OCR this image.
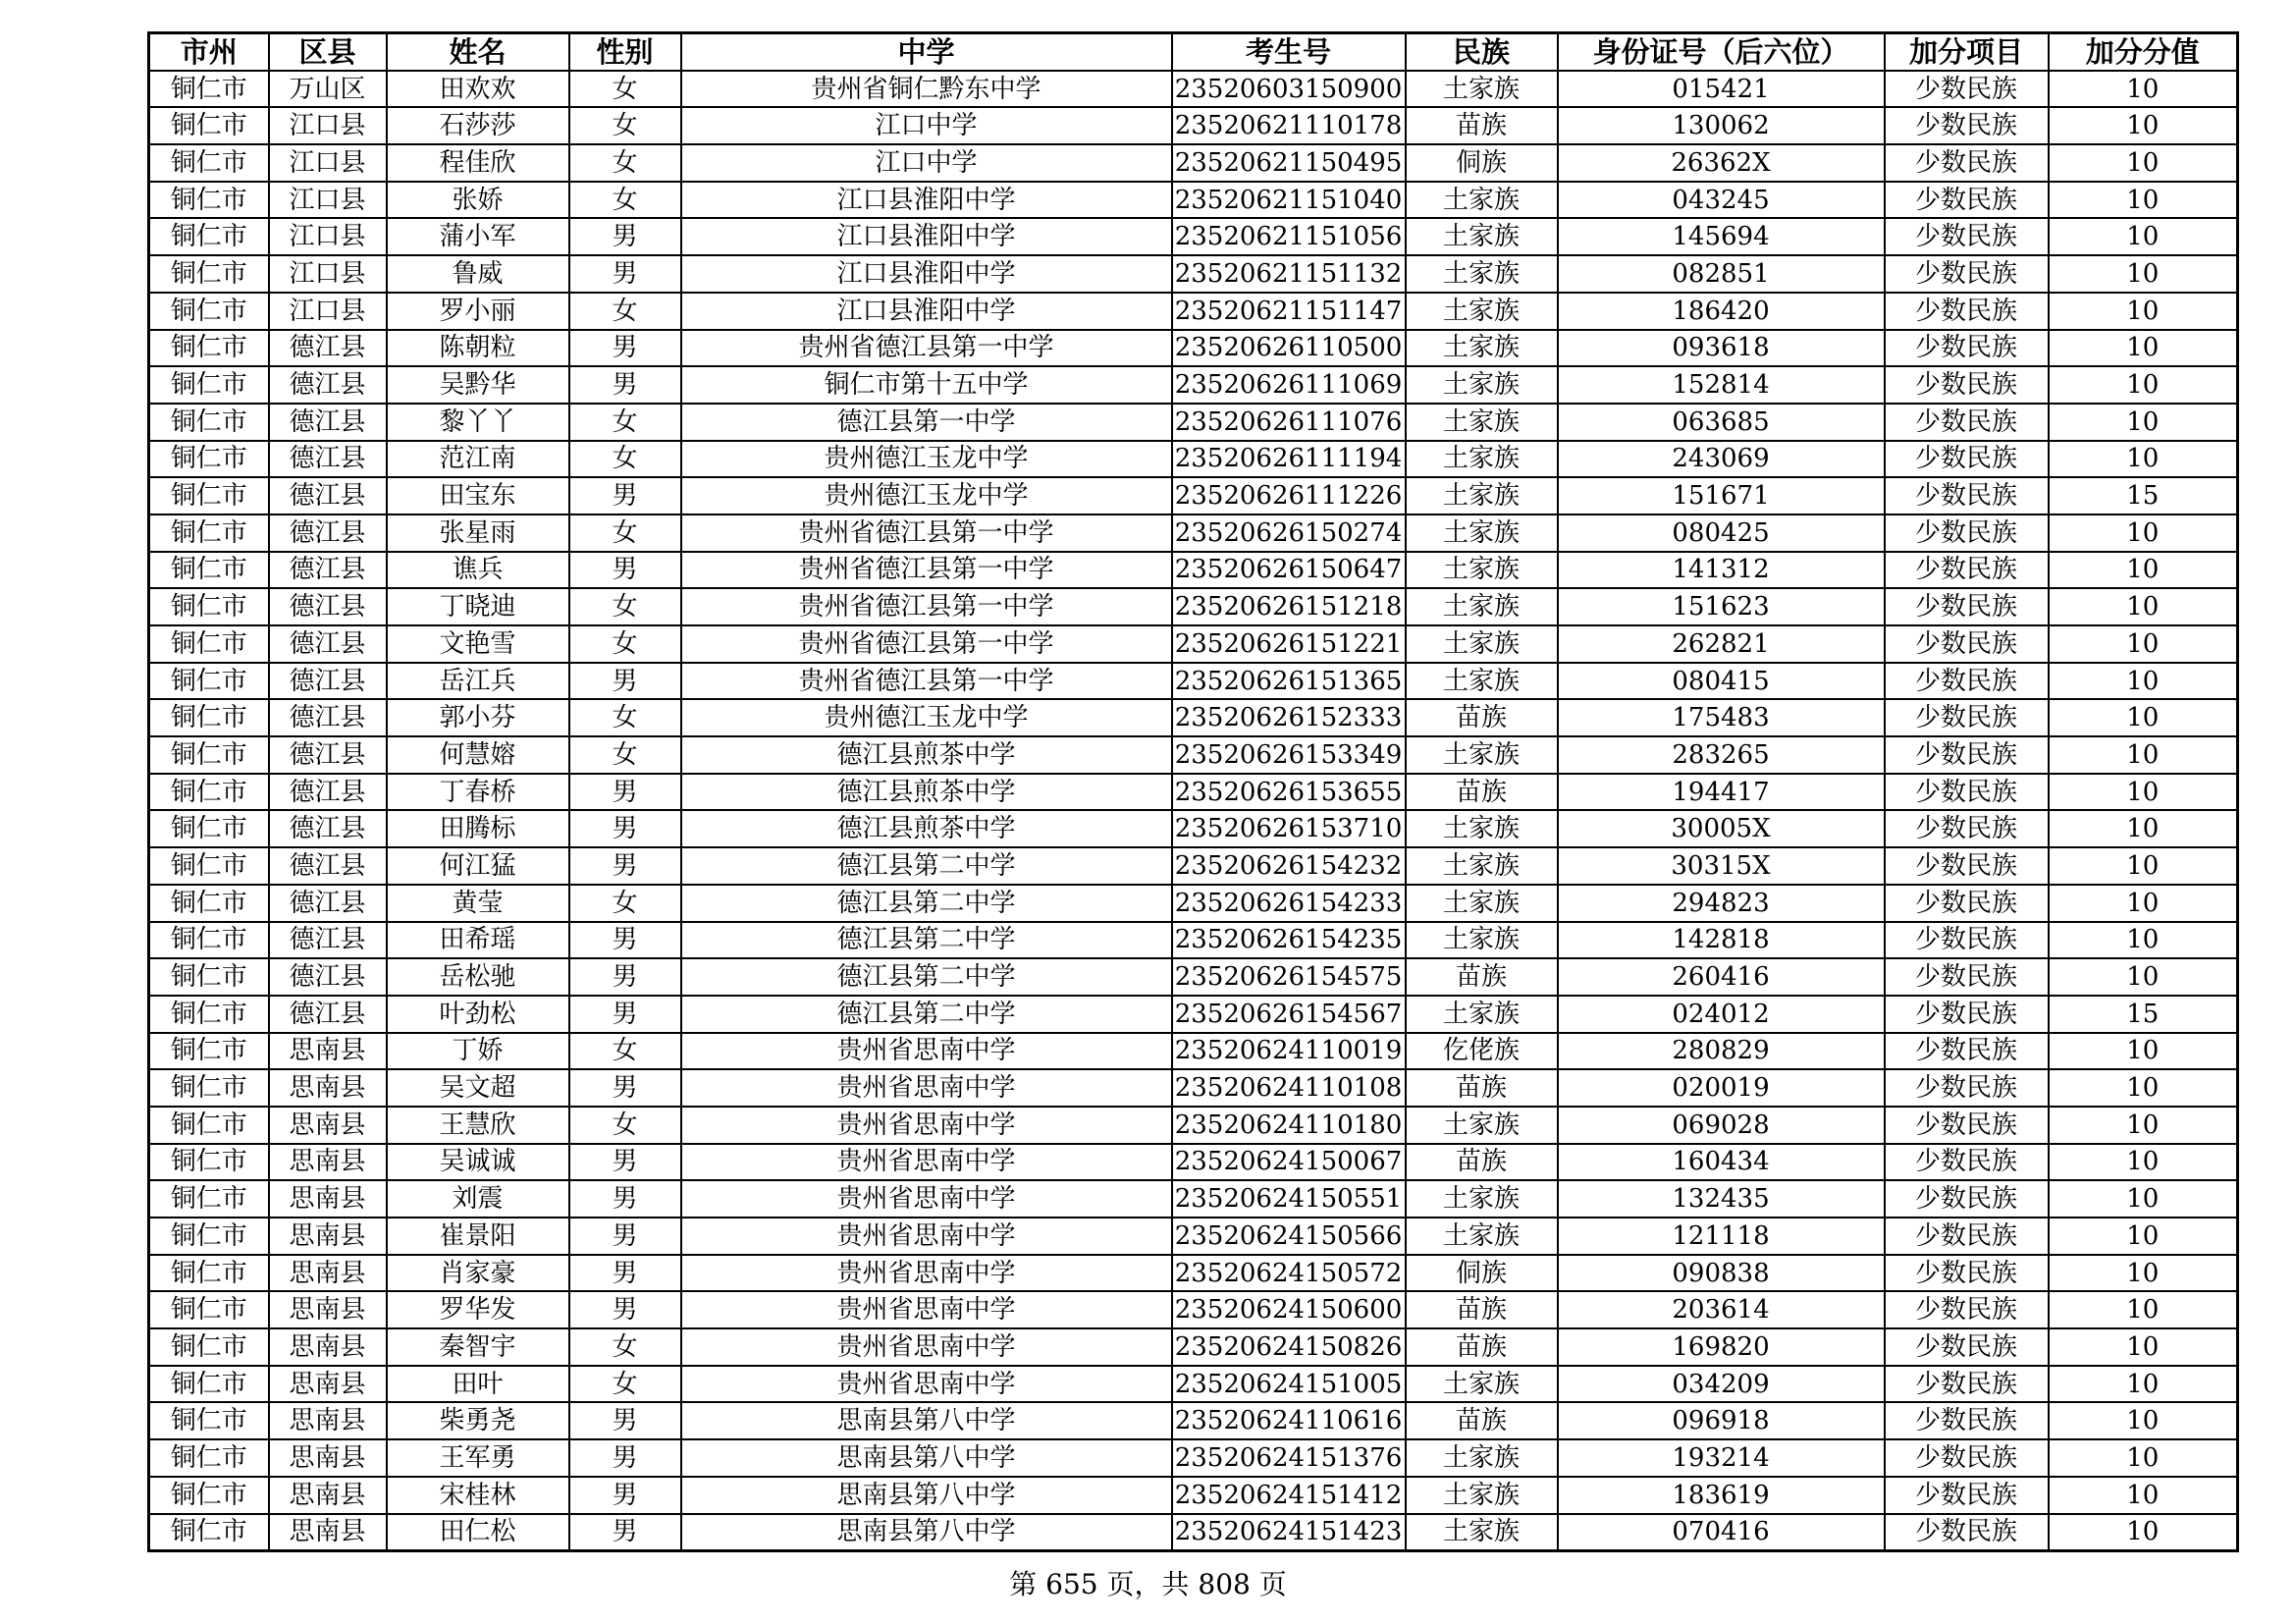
市州	区县	姓名	性别	中学	考生号	民族	身份证号（后六位）	加分项目	加分分值
铜仁市	万山区	田欢欢	女	贵州省铜仁黔东中学	23520603150900	土家族	015421	少数民族	10
铜仁市	江口县	石莎莎	女	江口中学	23520621110178	苗族	130062	少数民族	10
铜仁市	江口县	程佳欣	女	江口中学	23520621150495	侗族	26362X	少数民族	10
铜仁市	江口县	张娇	女	江口县淮阳中学	23520621151040	土家族	043245	少数民族	10
铜仁市	江口县	蒲小军	男	江口县淮阳中学	23520621151056	土家族	145694	少数民族	10
铜仁市	江口县	鲁威	男	江口县淮阳中学	23520621151132	土家族	082851	少数民族	10
铜仁市	江口县	罗小丽	女	江口县淮阳中学	23520621151147	土家族	186420	少数民族	10
铜仁市	德江县	陈朝粒	男	贵州省德江县第一中学	23520626110500	土家族	093618	少数民族	10
铜仁市	德江县	吴黔华	男	铜仁市第十五中学	23520626111069	土家族	152814	少数民族	10
铜仁市	德江县	黎丫丫	女	德江县第一中学	23520626111076	土家族	063685	少数民族	10
铜仁市	德江县	范江南	女	贵州德江玉龙中学	23520626111194	土家族	243069	少数民族	10
铜仁市	德江县	田宝东	男	贵州德江玉龙中学	23520626111226	土家族	151671	少数民族	15
铜仁市	德江县	张星雨	女	贵州省德江县第一中学	23520626150274	土家族	080425	少数民族	10
铜仁市	德江县	谯兵	男	贵州省德江县第一中学	23520626150647	土家族	141312	少数民族	10
铜仁市	德江县	丁晓迪	女	贵州省德江县第一中学	23520626151218	土家族	151623	少数民族	10
铜仁市	德江县	文艳雪	女	贵州省德江县第一中学	23520626151221	土家族	262821	少数民族	10
铜仁市	德江县	岳江兵	男	贵州省德江县第一中学	23520626151365	土家族	080415	少数民族	10
铜仁市	德江县	郭小芬	女	贵州德江玉龙中学	23520626152333	苗族	175483	少数民族	10
铜仁市	德江县	何慧嫆	女	德江县煎茶中学	23520626153349	土家族	283265	少数民族	10
铜仁市	德江县	丁春桥	男	德江县煎茶中学	23520626153655	苗族	194417	少数民族	10
铜仁市	德江县	田腾标	男	德江县煎茶中学	23520626153710	土家族	30005X	少数民族	10
铜仁市	德江县	何江猛	男	德江县第二中学	23520626154232	土家族	30315X	少数民族	10
铜仁市	德江县	黄莹	女	德江县第二中学	23520626154233	土家族	294823	少数民族	10
铜仁市	德江县	田希瑶	男	德江县第二中学	23520626154235	土家族	142818	少数民族	10
铜仁市	德江县	岳松驰	男	德江县第二中学	23520626154575	苗族	260416	少数民族	10
铜仁市	德江县	叶劲松	男	德江县第二中学	23520626154567	土家族	024012	少数民族	15
铜仁市	思南县	丁娇	女	贵州省思南中学	23520624110019	仡佬族	280829	少数民族	10
铜仁市	思南县	吴文超	男	贵州省思南中学	23520624110108	苗族	020019	少数民族	10
铜仁市	思南县	王慧欣	女	贵州省思南中学	23520624110180	土家族	069028	少数民族	10
铜仁市	思南县	吴诚诚	男	贵州省思南中学	23520624150067	苗族	160434	少数民族	10
铜仁市	思南县	刘震	男	贵州省思南中学	23520624150551	土家族	132435	少数民族	10
铜仁市	思南县	崔景阳	男	贵州省思南中学	23520624150566	土家族	121118	少数民族	10
铜仁市	思南县	肖家豪	男	贵州省思南中学	23520624150572	侗族	090838	少数民族	10
铜仁市	思南县	罗华发	男	贵州省思南中学	23520624150600	苗族	203614	少数民族	10
铜仁市	思南县	秦智宇	女	贵州省思南中学	23520624150826	苗族	169820	少数民族	10
铜仁市	思南县	田叶	女	贵州省思南中学	23520624151005	土家族	034209	少数民族	10
铜仁市	思南县	柴勇尧	男	思南县第八中学	23520624110616	苗族	096918	少数民族	10
铜仁市	思南县	王军勇	男	思南县第八中学	23520624151376	土家族	193214	少数民族	10
铜仁市	思南县	宋桂林	男	思南县第八中学	23520624151412	土家族	183619	少数民族	10
铜仁市	思南县	田仁松	男	思南县第八中学	23520624151423	土家族	070416	少数民族	10
第 655 页，共 808 页
